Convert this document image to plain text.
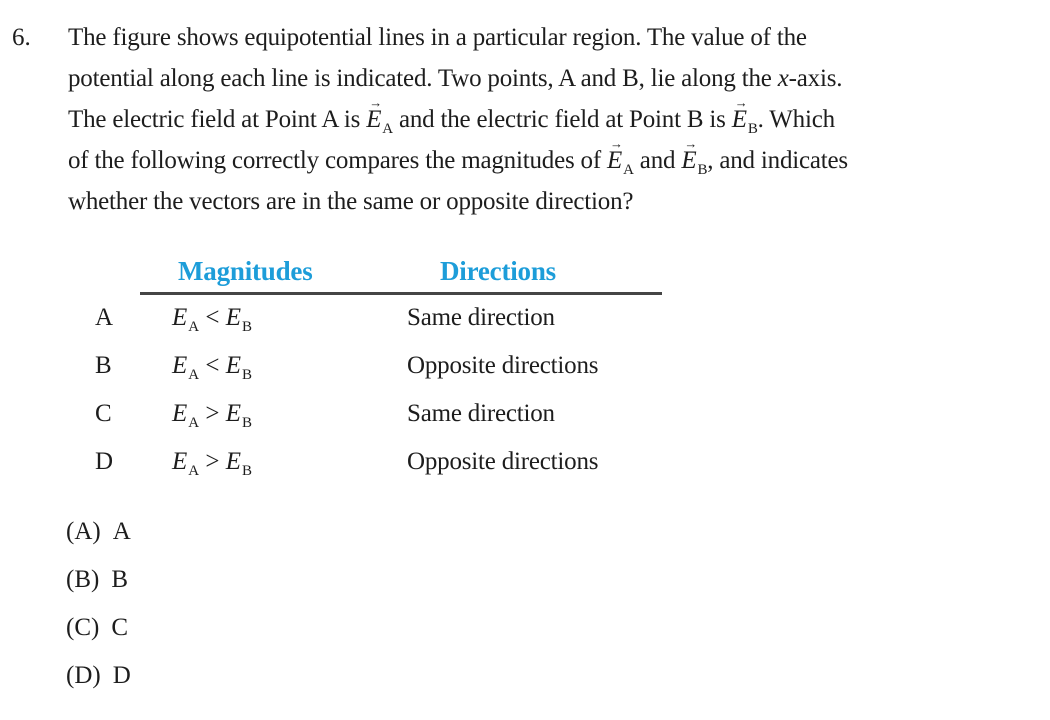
6. The figure shows equipotential lines in a particular region. The value of the
potential along each line is indicated. Two points, A and B, lie along the x-axis.
The electric field at Point A is E
→
$_A$ and the electric field at Point B is E
→
$_B$. Which
of the following correctly compares the magnitudes of E
→
$_A$ and E
→
$_B$, and indicates
whether the vectors are in the same or opposite direction?
Magnitudes	Directions
A $E_A < E_B$	Same direction
B $E_A < E_B$	Opposite directions
C $E_A > E_B$	Same direction
D $E_A > E_B$	Opposite directions
(A) A
(B) B
(C) C
(D) D
